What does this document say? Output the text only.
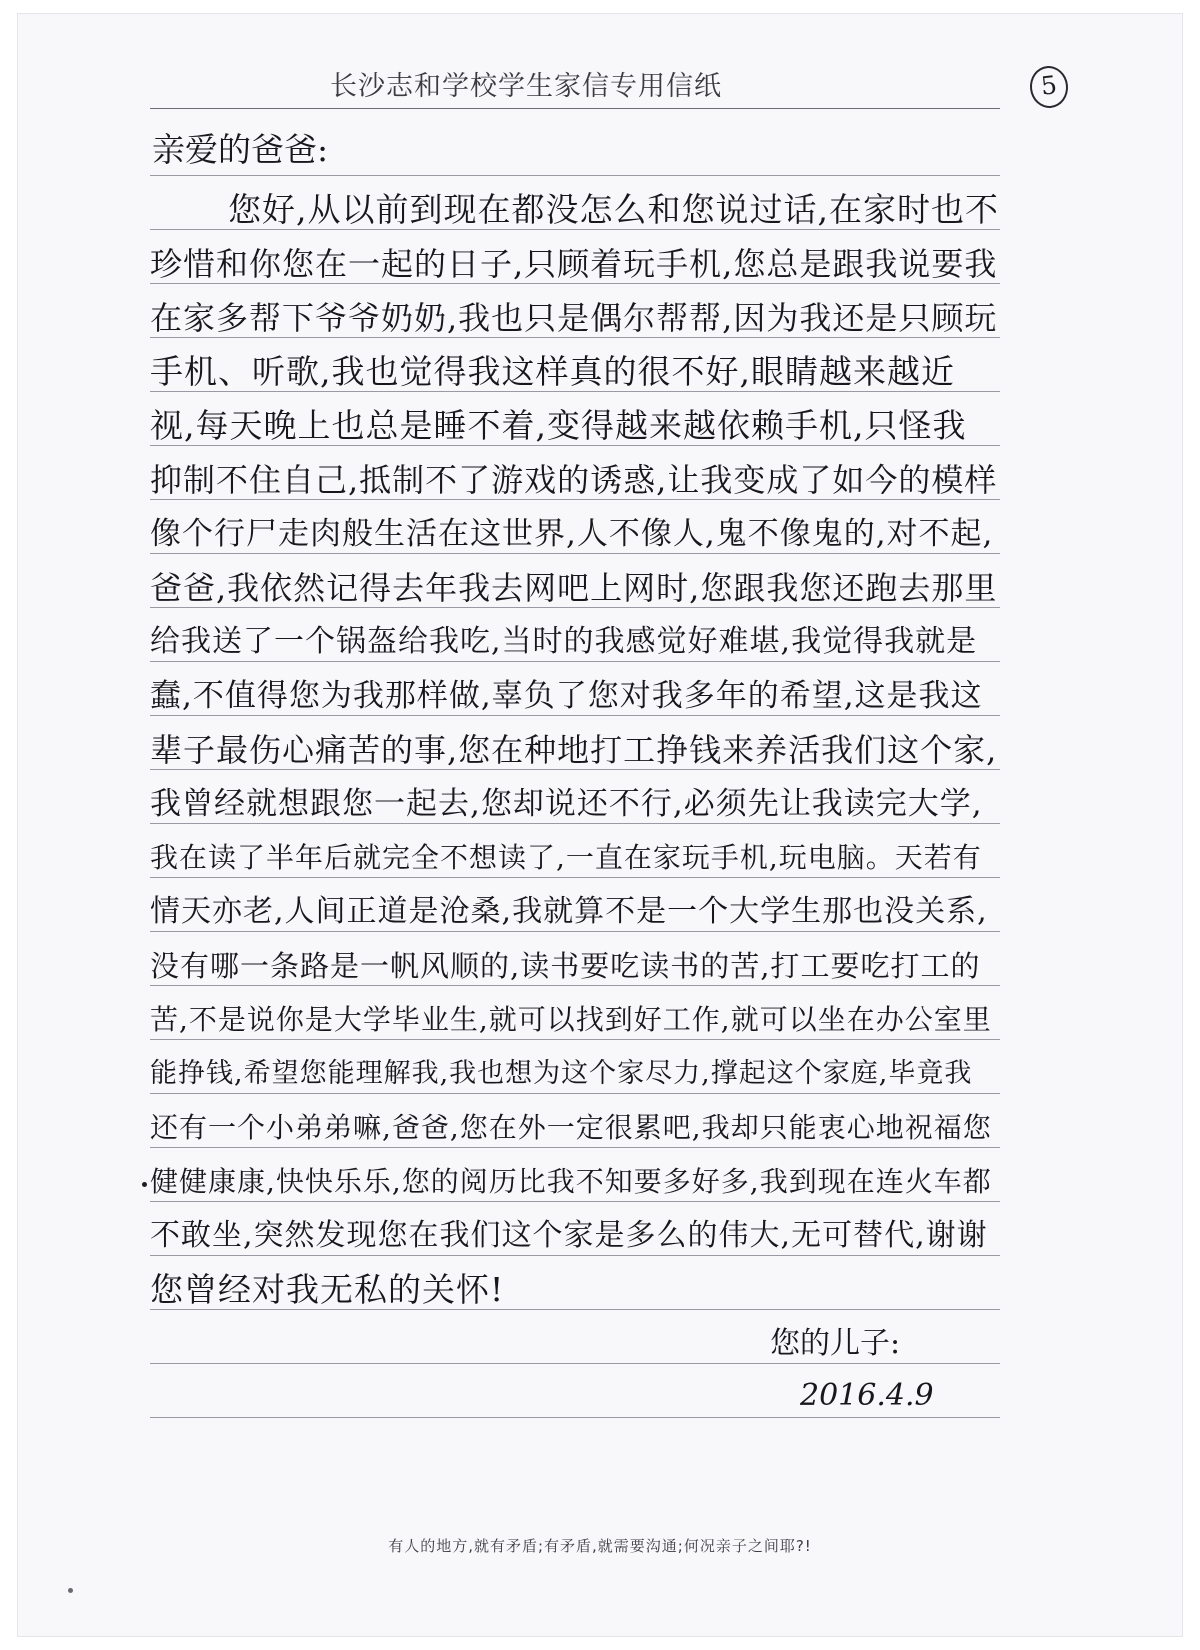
长沙志和学校学生家信专用信纸	5
亲爱的爸爸:
您好,从以前到现在都没怎么和您说过话,在家时也不
珍惜和你您在一起的日子,只顾着玩手机,您总是跟我说要我
在家多帮下爷爷奶奶,我也只是偶尔帮帮,因为我还是只顾玩
手机、听歌,我也觉得我这样真的很不好,眼睛越来越近
视,每天晚上也总是睡不着,变得越来越依赖手机,只怪我
抑制不住自己,抵制不了游戏的诱惑,让我变成了如今的模样
像个行尸走肉般生活在这世界,人不像人,鬼不像鬼的,对不起,
爸爸,我依然记得去年我去网吧上网时,您跟我您还跑去那里
给我送了一个锅盔给我吃,当时的我感觉好难堪,我觉得我就是
蠢,不值得您为我那样做,辜负了您对我多年的希望,这是我这
辈子最伤心痛苦的事,您在种地打工挣钱来养活我们这个家,
我曾经就想跟您一起去,您却说还不行,必须先让我读完大学,
我在读了半年后就完全不想读了,一直在家玩手机,玩电脑。天若有
情天亦老,人间正道是沧桑,我就算不是一个大学生那也没关系,
没有哪一条路是一帆风顺的,读书要吃读书的苦,打工要吃打工的
苦,不是说你是大学毕业生,就可以找到好工作,就可以坐在办公室里
能挣钱,希望您能理解我,我也想为这个家尽力,撑起这个家庭,毕竟我
还有一个小弟弟嘛,爸爸,您在外一定很累吧,我却只能衷心地祝福您
健健康康,快快乐乐,您的阅历比我不知要多好多,我到现在连火车都
不敢坐,突然发现您在我们这个家是多么的伟大,无可替代,谢谢
您曾经对我无私的关怀!
您的儿子:
2016.4.9
有人的地方,就有矛盾;有矛盾,就需要沟通;何况亲子之间耶?!
